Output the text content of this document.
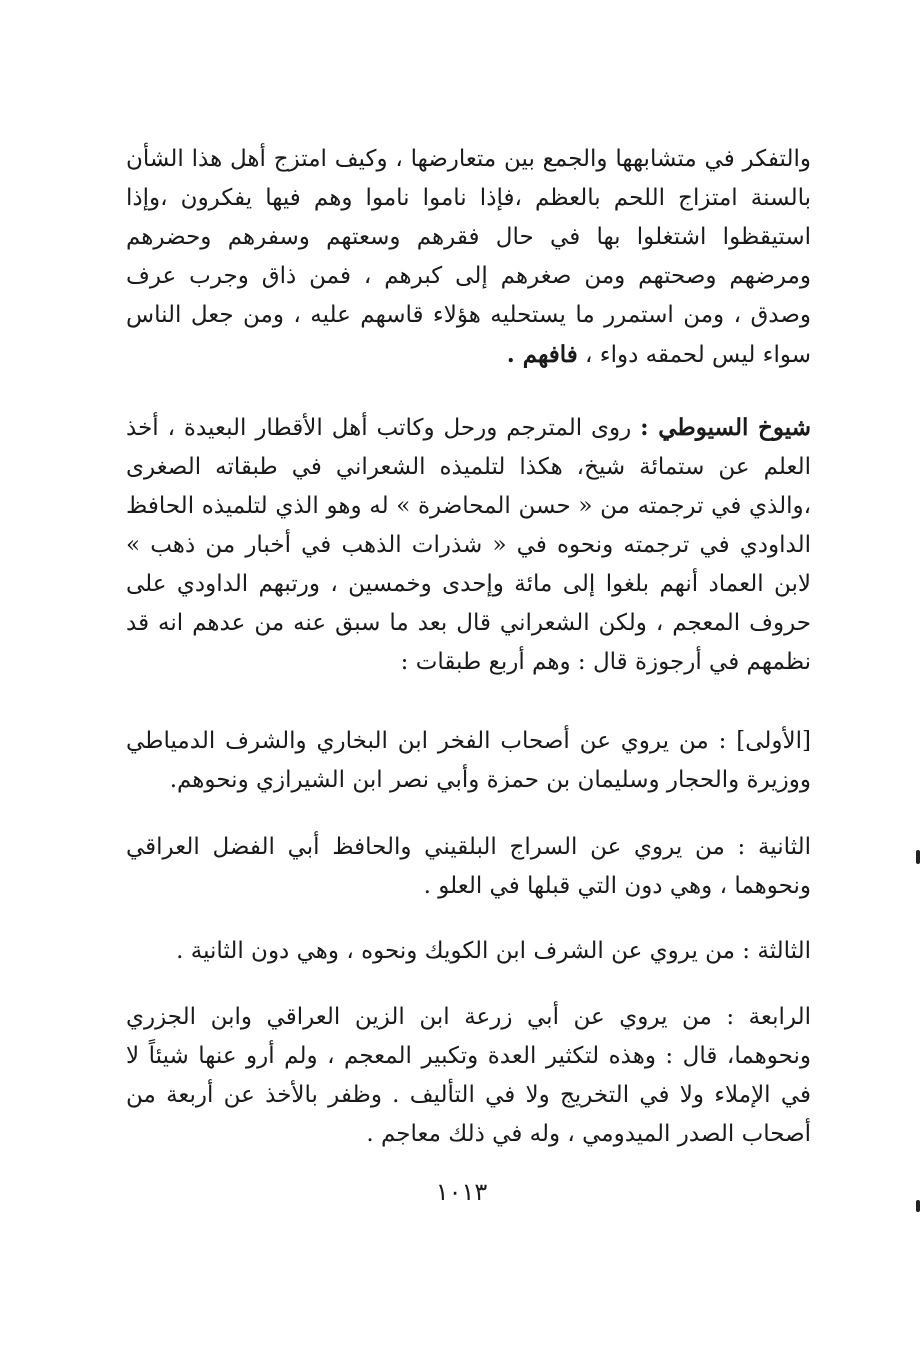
والتفكر في متشابهها والجمع بين متعارضها ، وكيف امتزج أهل هذا الشأن بالسنة امتزاج اللحم بالعظم ،فإذا ناموا ناموا وهم فيها يفكرون ،وإذا استيقظوا اشتغلوا بها في حال فقرهم وسعتهم وسفرهم وحضرهم ومرضهم وصحتهم ومن صغرهم إلى كبرهم ، فمن ذاق وجرب عرف وصدق ، ومن استمرر ما يستحليه هؤلاء قاسهم عليه ، ومن جعل الناس سواء ليس لحمقه دواء ، فافهم .
شيوخ السيوطي : روى المترجم ورحل وكاتب أهل الأقطار البعيدة ، أخذ العلم عن ستمائة شيخ، هكذا لتلميذه الشعراني في طبقاته الصغرى ،والذي في ترجمته من « حسن المحاضرة » له وهو الذي لتلميذه الحافظ الداودي في ترجمته ونحوه في « شذرات الذهب في أخبار من ذهب » لابن العماد أنهم بلغوا إلى مائة وإحدى وخمسين ، ورتبهم الداودي على حروف المعجم ، ولكن الشعراني قال بعد ما سبق عنه من عدهم انه قد نظمهم في أرجوزة قال : وهم أربع طبقات :
[الأولى] : من يروي عن أصحاب الفخر ابن البخاري والشرف الدمياطي ووزيرة والحجار وسليمان بن حمزة وأبي نصر ابن الشيرازي ونحوهم.
الثانية : من يروي عن السراج البلقيني والحافظ أبي الفضل العراقي ونحوهما ، وهي دون التي قبلها في العلو .
الثالثة : من يروي عن الشرف ابن الكويك ونحوه ، وهي دون الثانية .
الرابعة : من يروي عن أبي زرعة ابن الزين العراقي وابن الجزري ونحوهما، قال : وهذه لتكثير العدة وتكبير المعجم ، ولم أرو عنها شيئاً لا في الإملاء ولا في التخريج ولا في التأليف . وظفر بالأخذ عن أربعة من أصحاب الصدر الميدومي ، وله في ذلك معاجم .
١٠١٣
